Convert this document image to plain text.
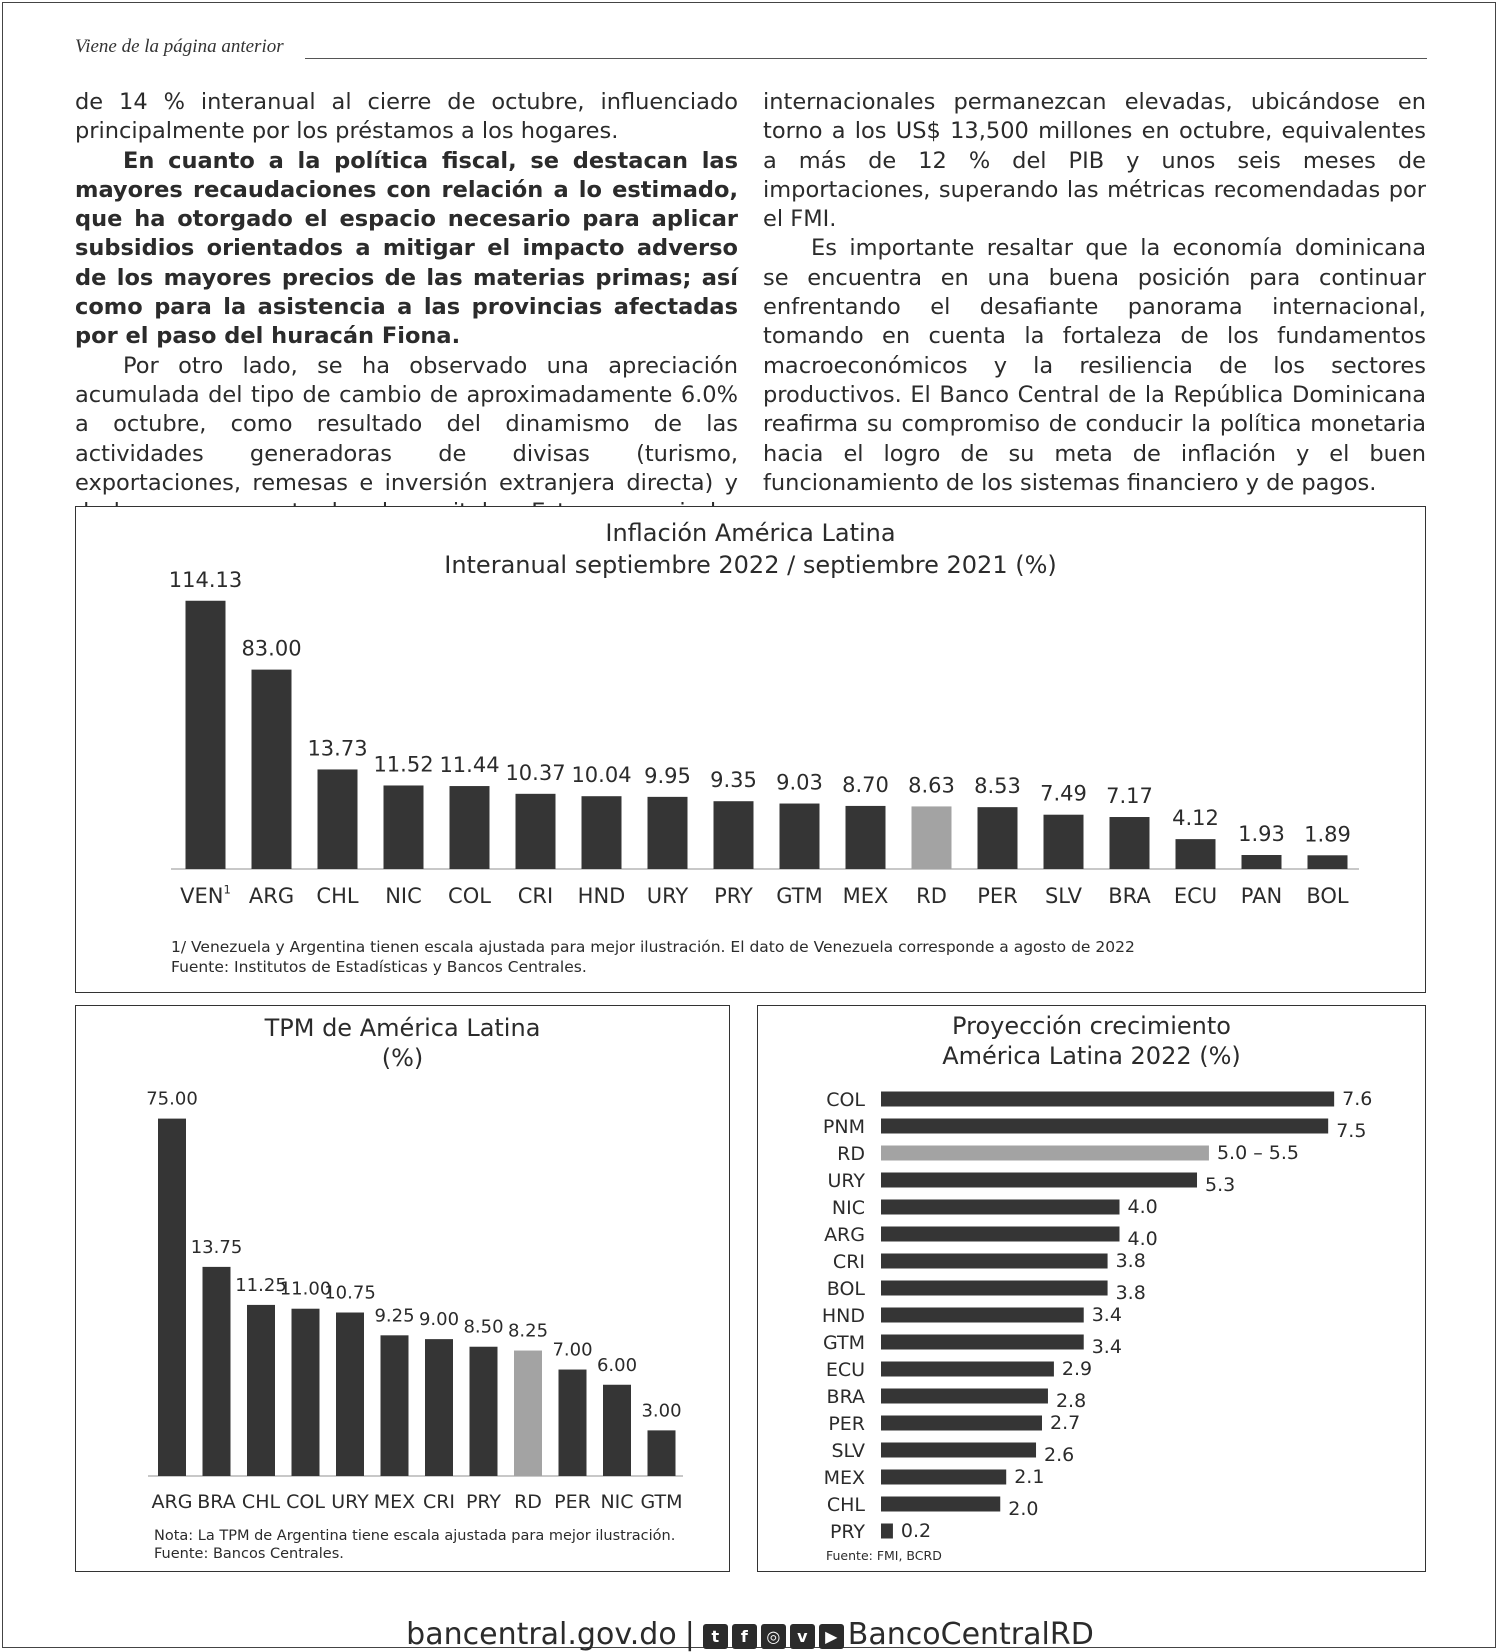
Viene de la página anterior

de 14 % interanual al cierre de octubre, influenciado principalmente por los préstamos a los hogares.

En cuanto a la política fiscal, se destacan las mayores recaudaciones con relación a lo estimado, que ha otorgado el espacio necesario para aplicar subsidios orientados a mitigar el impacto adverso de los mayores precios de las materias primas; así como para la asistencia a las provincias afectadas por el paso del huracán Fiona.

Por otro lado, se ha observado una apreciación acumulada del tipo de cambio de aproximadamente 6.0% a octubre, como resultado del dinamismo de las actividades generadoras de divisas (turismo, exportaciones, remesas e inversión extranjera directa) y

internacionales permanezcan elevadas, ubicándose en torno a los US$ 13,500 millones en octubre, equivalentes a más de 12 % del PIB y unos seis meses de importaciones, superando las métricas recomendadas por el FMI.

Es importante resaltar que la economía dominicana se encuentra en una buena posición para continuar enfrentando el desafiante panorama internacional, tomando en cuenta la fortaleza de los fundamentos macroeconómicos y la resiliencia de los sectores productivos. El Banco Central de la República Dominicana reafirma su compromiso de conducir la política monetaria hacia el logro de su meta de inflación y el buen funcionamiento de los sistemas financiero y de pagos.

Inflación América Latina
Interanual septiembre 2022 / septiembre 2021 (%)
114.13
VEN$^1$
83.00
ARG
13.73
CHL
11.52
NIC
11.44
COL
10.37
CRI
10.04
HND
9.95
URY
9.35
PRY
9.03
GTM
8.70
MEX
8.63
RD
8.53
PER
7.49
SLV
7.17
BRA
4.12
ECU
1.93
PAN
1.89
BOL
1/ Venezuela y Argentina tienen escala ajustada para mejor ilustración. El dato de Venezuela corresponde a agosto de 2022
Fuente: Institutos de Estadísticas y Bancos Centrales.
TPM de América Latina
(%)
75.00
ARG
13.75
BRA
11.25
CHL
11.00
COL
10.75
URY
9.25
MEX
9.00
CRI
8.50
PRY
8.25
RD
7.00
PER
6.00
NIC
3.00
GTM
Nota: La TPM de Argentina tiene escala ajustada para mejor ilustración.
Fuente: Bancos Centrales.
Proyección crecimiento
América Latina 2022 (%)
COL	7.6
PNM	7.5
RD	5.0 – 5.5
URY	5.3
NIC	4.0
ARG	4.0
CRI	3.8
BOL	3.8
HND	3.4
GTM	3.4
ECU	2.9
BRA	2.8
PER	2.7
SLV	2.6
MEX	2.1
CHL	2.0
PRY 0.2
Fuente: FMI, BCRD
bancentral.gov.do | t f ◎ v ▶ BancoCentralRD
